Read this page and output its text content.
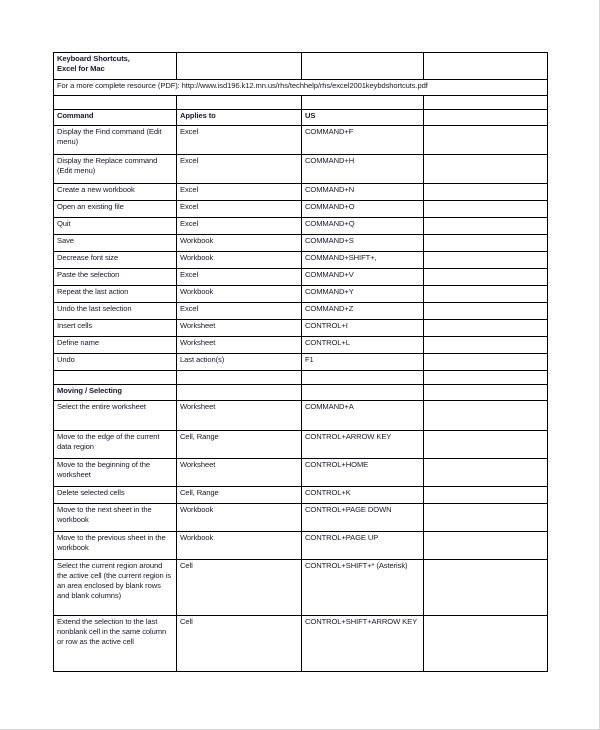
Keyboard Shortcuts,
Excel for Mac			
For a more complete resource (PDF): http://www.isd196.k12.mn.us/rhs/techhelp/rhs/excel2001keybdshortcuts.pdf			

Command	Applies to	US	
Display the Find command (Edit menu)	Excel	COMMAND+F	
Display the Replace command (Edit menu)	Excel	COMMAND+H	
Create a new workbook	Excel	COMMAND+N	
Open an existing file	Excel	COMMAND+O	
Quit	Excel	COMMAND+Q	
Save	Workbook	COMMAND+S	
Decrease font size	Workbook	COMMAND+SHIFT+,	
Paste the selection	Excel	COMMAND+V	
Repeat the last action	Workbook	COMMAND+Y	
Undo the last selection	Excel	COMMAND+Z	
Insert cells	Worksheet	CONTROL+I	
Define name	Worksheet	CONTROL+L	
Undo	Last action(s)	F1	

Moving / Selecting			
Select the entire worksheet	Worksheet	COMMAND+A	
Move to the edge of the current data region	Cell, Range	CONTROL+ARROW KEY	
Move to the beginning of the worksheet	Worksheet	CONTROL+HOME	
Delete selected cells	Cell, Range	CONTROL+K	
Move to the next sheet in the workbook	Workbook	CONTROL+PAGE DOWN	
Move to the previous sheet in the workbook	Workbook	CONTROL+PAGE UP	
Select the current region around the active cell (the current region is an area enclosed by blank rows and blank columns)	Cell	CONTROL+SHIFT+* (Asterisk)	
Extend the selection to the last nonblank cell in the same column or row as the active cell	Cell	CONTROL+SHIFT+ARROW KEY	
